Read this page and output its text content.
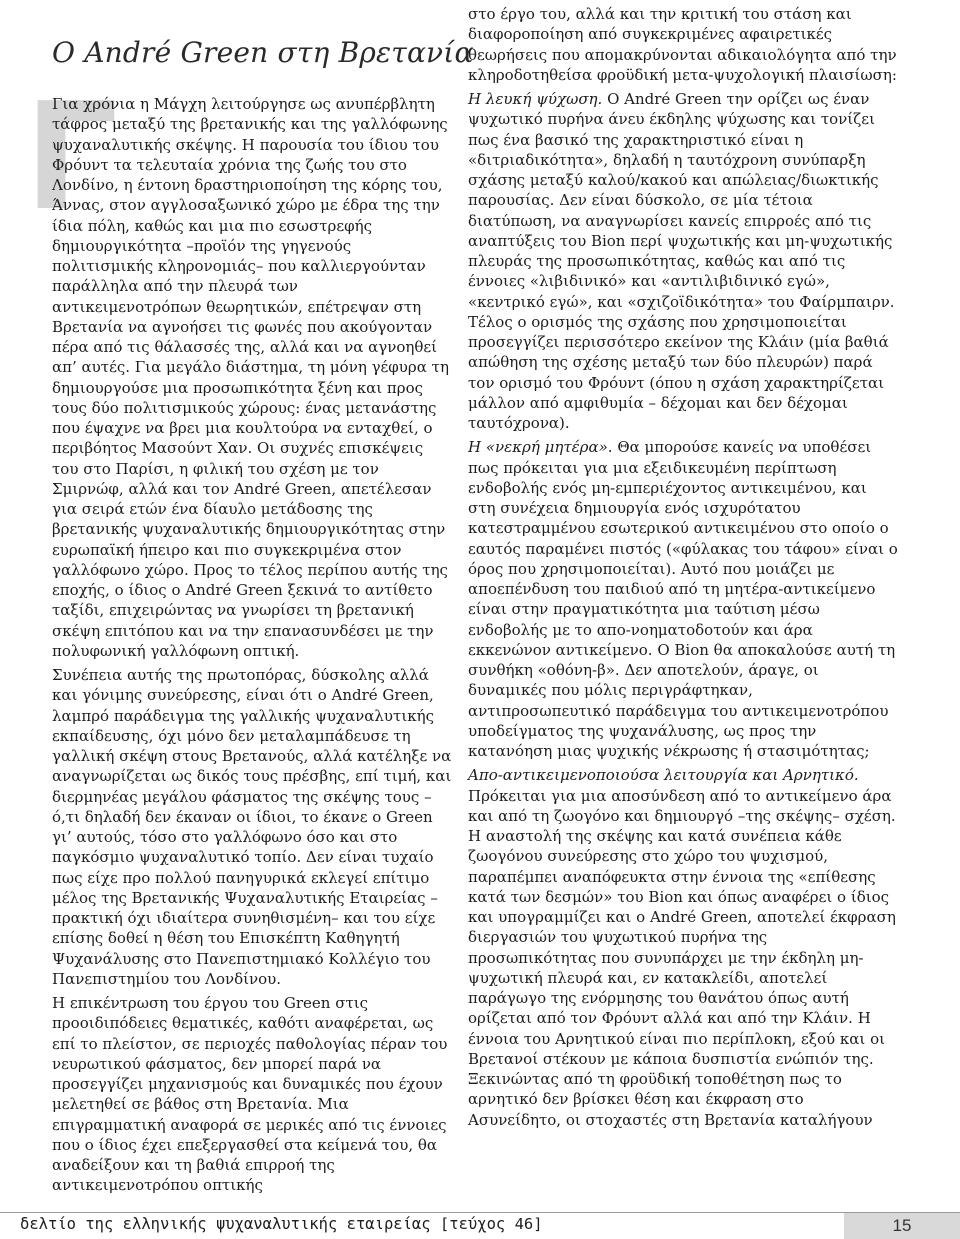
Ο André Green στη Βρετανία
Γ

Για χρόνια η Μάγχη λειτούργησε ως ανυπέρβλητη τάφρος μεταξύ της βρετανικής και της γαλλόφωνης ψυχαναλυτικής σκέψης. Η παρουσία του ίδιου του Φρόυντ τα τελευταία χρόνια της ζωής του στο Λονδίνο, η έντονη δραστηριοποίηση της κόρης του, Άννας, στον αγγλοσαξωνικό χώρο με έδρα της την ίδια πόλη, καθώς και μια πιο εσωστρεφής δημιουργικότητα –προϊόν της γηγενούς πολιτισμικής κληρονομιάς– που καλλιεργούνταν παράλληλα από την πλευρά των αντικειμενοτρόπων θεωρητικών, επέτρεψαν στη Βρετανία να αγνοήσει τις φωνές που ακούγονταν πέρα από τις θάλασσές της, αλλά και να αγνοηθεί απ’ αυτές. Για μεγάλο διάστημα, τη μόνη γέφυρα τη δημιουργούσε μια προσωπικότητα ξένη και προς τους δύο πολιτισμικούς χώρους: ένας μετανάστης που έψαχνε να βρει μια κουλτούρα να ενταχθεί, ο περιβόητος Μασούντ Χαν. Οι συχνές επισκέψεις του στο Παρίσι, η φιλική του σχέση με τον Σμιρνώφ, αλλά και τον André Green, απετέλεσαν για σειρά ετών ένα δίαυλο μετάδοσης της βρετανικής ψυχαναλυτικής δημιουργικότητας στην ευρωπαϊκή ήπειρο και πιο συγκεκριμένα στον γαλλόφωνο χώρο. Προς το τέλος περίπου αυτής της εποχής, ο ίδιος ο André Green ξεκινά το αντίθετο ταξίδι, επιχειρώντας να γνωρίσει τη βρετανική σκέψη επιτόπου και να την επανασυνδέσει με την πολυφωνική γαλλόφωνη οπτική.

Συνέπεια αυτής της πρωτοπόρας, δύσκολης αλλά και γόνιμης συνεύρεσης, είναι ότι ο André Green, λαμπρό παράδειγμα της γαλλικής ψυχαναλυτικής εκπαίδευσης, όχι μόνο δεν μεταλαμπάδευσε τη γαλλική σκέψη στους Βρετανούς, αλλά κατέληξε να αναγνωρίζεται ως δικός τους πρέσβης, επί τιμή, και διερμηνέας μεγάλου φάσματος της σκέψης τους – ό,τι δηλαδή δεν έκαναν οι ίδιοι, το έκανε ο Green γι’ αυτούς, τόσο στο γαλλόφωνο όσο και στο παγκόσμιο ψυχαναλυτικό τοπίο. Δεν είναι τυχαίο πως είχε προ πολλού πανηγυρικά εκλεγεί επίτιμο μέλος της Βρετανικής Ψυχαναλυτικής Εταιρείας –πρακτική όχι ιδιαίτερα συνηθισμένη– και του είχε επίσης δοθεί η θέση του Επισκέπτη Καθηγητή Ψυχανάλυσης στο Πανεπιστημιακό Κολλέγιο του Πανεπιστημίου του Λονδίνου.

Η επικέντρωση του έργου του Green στις προοιδιπόδειες θεματικές, καθότι αναφέρεται, ως επί το πλείστον, σε περιοχές παθολογίας πέραν του νευρωτικού φάσματος, δεν μπορεί παρά να προσεγγίζει μηχανισμούς και δυναμικές που έχουν μελετηθεί σε βάθος στη Βρετανία. Μια επιγραμματική αναφορά σε μερικές από τις έννοιες που ο ίδιος έχει επεξεργασθεί στα κείμενά του, θα αναδείξουν και τη βαθιά επιρροή της αντικειμενοτρόπου οπτικής

στο έργο του, αλλά και την κριτική του στάση και διαφοροποίηση από συγκεκριμένες αφαιρετικές θεωρήσεις που απομακρύνονται αδικαιολόγητα από την κληροδοτηθείσα φροϋδική μετα-ψυχολογική πλαισίωση:

Η λευκή ψύχωση. Ο André Green την ορίζει ως έναν ψυχωτικό πυρήνα άνευ έκδηλης ψύχωσης και τονίζει πως ένα βασικό της χαρακτηριστικό είναι η «διτριαδικότητα», δηλαδή η ταυτόχρονη συνύπαρξη σχάσης μεταξύ καλού/κακού και απώλειας/διωκτικής παρουσίας. Δεν είναι δύσκολο, σε μία τέτοια διατύπωση, να αναγνωρίσει κανείς επιρροές από τις αναπτύξεις του Bion περί ψυχωτικής και μη-ψυχωτικής πλευράς της προσωπικότητας, καθώς και από τις έννοιες «λιβιδινικό» και «αντιλιβιδινικό εγώ», «κεντρικό εγώ», και «σχιζοϊδικότητα» του Φαίρμπαιρν. Τέλος ο ορισμός της σχάσης που χρησιμοποιείται προσεγγίζει περισσότερο εκείνον της Κλάιν (μία βαθιά απώθηση της σχέσης μεταξύ των δύο πλευρών) παρά τον ορισμό του Φρόυντ (όπου η σχάση χαρακτηρίζεται μάλλον από αμφιθυμία – δέχομαι και δεν δέχομαι ταυτόχρονα).

Η «νεκρή μητέρα». Θα μπορούσε κανείς να υποθέσει πως πρόκειται για μια εξειδικευμένη περίπτωση ενδοβολής ενός μη-εμπεριέχοντος αντικειμένου, και στη συνέχεια δημιουργία ενός ισχυρότατου κατεστραμμένου εσωτερικού αντικειμένου στο οποίο ο εαυτός παραμένει πιστός («φύλακας του τάφου» είναι ο όρος που χρησιμοποιείται). Αυτό που μοιάζει με αποεπένδυση του παιδιού από τη μητέρα-αντικείμενο είναι στην πραγματικότητα μια ταύτιση μέσω ενδοβολής με το απο-νοηματοδοτούν και άρα εκκενώνον αντικείμενο. Ο Bion θα αποκαλούσε αυτή τη συνθήκη «οθόνη-β». Δεν αποτελούν, άραγε, οι δυναμικές που μόλις περιγράφτηκαν, αντιπροσωπευτικό παράδειγμα του αντικειμενοτρόπου υποδείγματος της ψυχανάλυσης, ως προς την κατανόηση μιας ψυχικής νέκρωσης ή στασιμότητας;

Απο-αντικειμενοποιούσα λειτουργία και Αρνητικό. Πρόκειται για μια αποσύνδεση από το αντικείμενο άρα και από τη ζωογόνο και δημιουργό –της σκέψης– σχέση. Η αναστολή της σκέψης και κατά συνέπεια κάθε ζωογόνου συνεύρεσης στο χώρο του ψυχισμού, παραπέμπει αναπόφευκτα στην έννοια της «επίθεσης κατά των δεσμών» του Bion και όπως αναφέρει ο ίδιος και υπογραμμίζει και ο André Green, αποτελεί έκφραση διεργασιών του ψυχωτικού πυρήνα της προσωπικότητας που συνυπάρχει με την έκδηλη μη-ψυχωτική πλευρά και, εν κατακλείδι, αποτελεί παράγωγο της ενόρμησης του θανάτου όπως αυτή ορίζεται από τον Φρόυντ αλλά και από την Κλάιν. Η έννοια του Αρνητικού είναι πιο περίπλοκη, εξού και οι Βρετανοί στέκουν με κάποια δυσπιστία ενώπιόν της. Ξεκινώντας από τη φροϋδική τοποθέτηση πως το αρνητικό δεν βρίσκει θέση και έκφραση στο Ασυνείδητο, οι στοχαστές στη Βρετανία καταλήγουν

δελτίο της ελληνικής ψυχαναλυτικής εταιρείας [τεύχος 46]	15
